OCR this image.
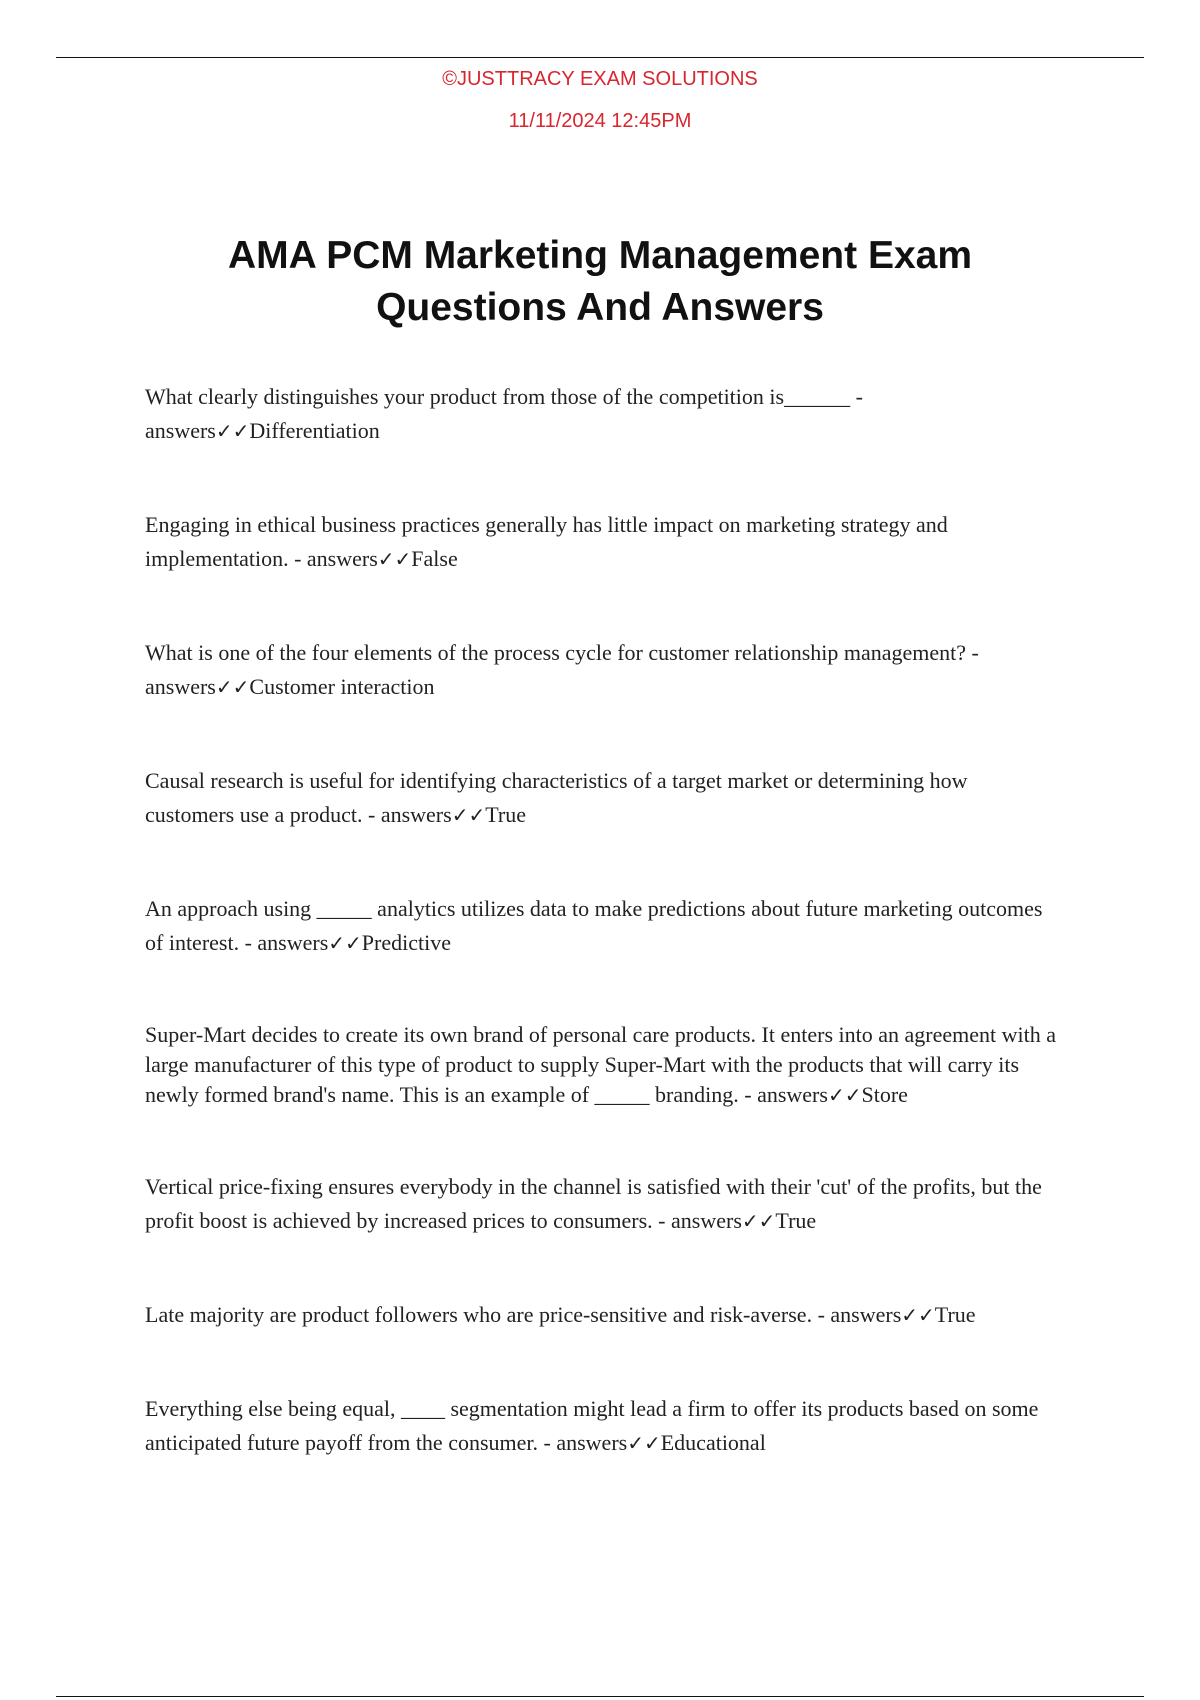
©JUSTTRACY EXAM SOLUTIONS
11/11/2024 12:45PM
AMA PCM Marketing Management Exam Questions And Answers
What clearly distinguishes your product from those of the competition is______ - answers✓✓Differentiation
Engaging in ethical business practices generally has little impact on marketing strategy and implementation. - answers✓✓False
What is one of the four elements of the process cycle for customer relationship management? - answers✓✓Customer interaction
Causal research is useful for identifying characteristics of a target market or determining how customers use a product. - answers✓✓True
An approach using _____ analytics utilizes data to make predictions about future marketing outcomes of interest. - answers✓✓Predictive
Super-Mart decides to create its own brand of personal care products. It enters into an agreement with a large manufacturer of this type of product to supply Super-Mart with the products that will carry its newly formed brand's name. This is an example of _____ branding. - answers✓✓Store
Vertical price-fixing ensures everybody in the channel is satisfied with their 'cut' of the profits, but the profit boost is achieved by increased prices to consumers. - answers✓✓True
Late majority are product followers who are price-sensitive and risk-averse. - answers✓✓True
Everything else being equal, ____ segmentation might lead a firm to offer its products based on some anticipated future payoff from the consumer. - answers✓✓Educational
